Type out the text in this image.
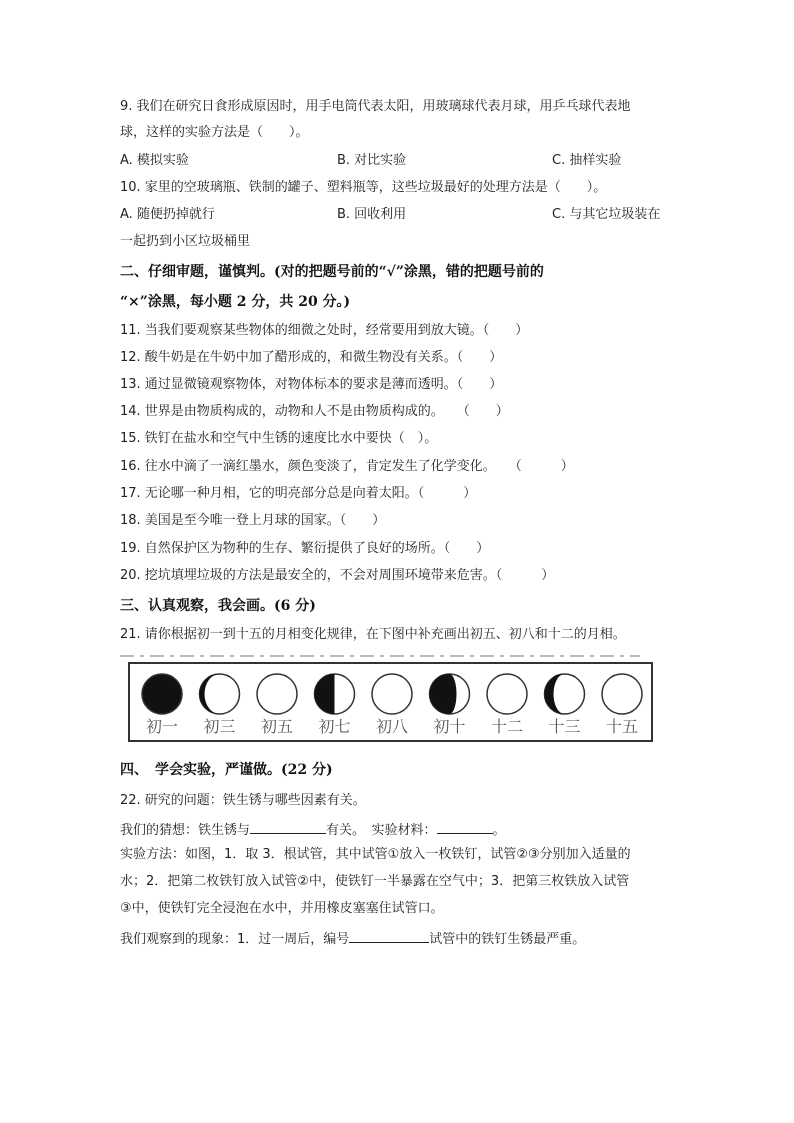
9. 我们在研究日食形成原因时，用手电筒代表太阳，用玻璃球代表月球，用乒乓球代表地
球，这样的实验方法是（　　）。
A. 模拟实验	B. 对比实验	C. 抽样实验
10. 家里的空玻璃瓶、铁制的罐子、塑料瓶等，这些垃圾最好的处理方法是（　　）。
A. 随便扔掉就行	B. 回收利用	C. 与其它垃圾装在
一起扔到小区垃圾桶里
二、仔细审题，谨慎判。(对的把题号前的“√”涂黑，错的把题号前的
“×”涂黑，每小题 2 分，共 20 分。)
11. 当我们要观察某些物体的细微之处时，经常要用到放大镜。（　　）
12. 酸牛奶是在牛奶中加了醋形成的，和微生物没有关系。（　　）
13. 通过显微镜观察物体，对物体标本的要求是薄而透明。（　　）
14. 世界是由物质构成的，动物和人不是由物质构成的。　　（　　）
15. 铁钉在盐水和空气中生锈的速度比水中要快（　）。
16. 往水中滴了一滴红墨水，颜色变淡了，肯定发生了化学变化。　　（　　　）
17. 无论哪一种月相，它的明亮部分总是向着太阳。（　　　）
18. 美国是至今唯一登上月球的国家。（　　）
19. 自然保护区为物种的生存、繁衍提供了良好的场所。（　　）
20. 挖坑填埋垃圾的方法是最安全的，不会对周围环境带来危害。（　　　）
三、认真观察，我会画。(6 分)
21. 请你根据初一到十五的月相变化规律，在下图中补充画出初五、初八和十二的月相。
初一 初三 初五 初七 初八 初十 十二 十三 十五
四、　学会实验，严谨做。(22 分)
22. 研究的问题：铁生锈与哪些因素有关。
我们的猜想：铁生锈与	有关。　实验材料：	。
实验方法：如图，1．取 3．根试管，其中试管①放入一枚铁钉，试管②③分别加入适量的
水；2．把第二枚铁钉放入试管②中，使铁钉一半暴露在空气中；3．把第三枚铁放入试管
③中，使铁钉完全浸泡在水中，并用橡皮塞塞住试管口。
我们观察到的现象：1．过一周后，编号	试管中的铁钉生锈最严重。
